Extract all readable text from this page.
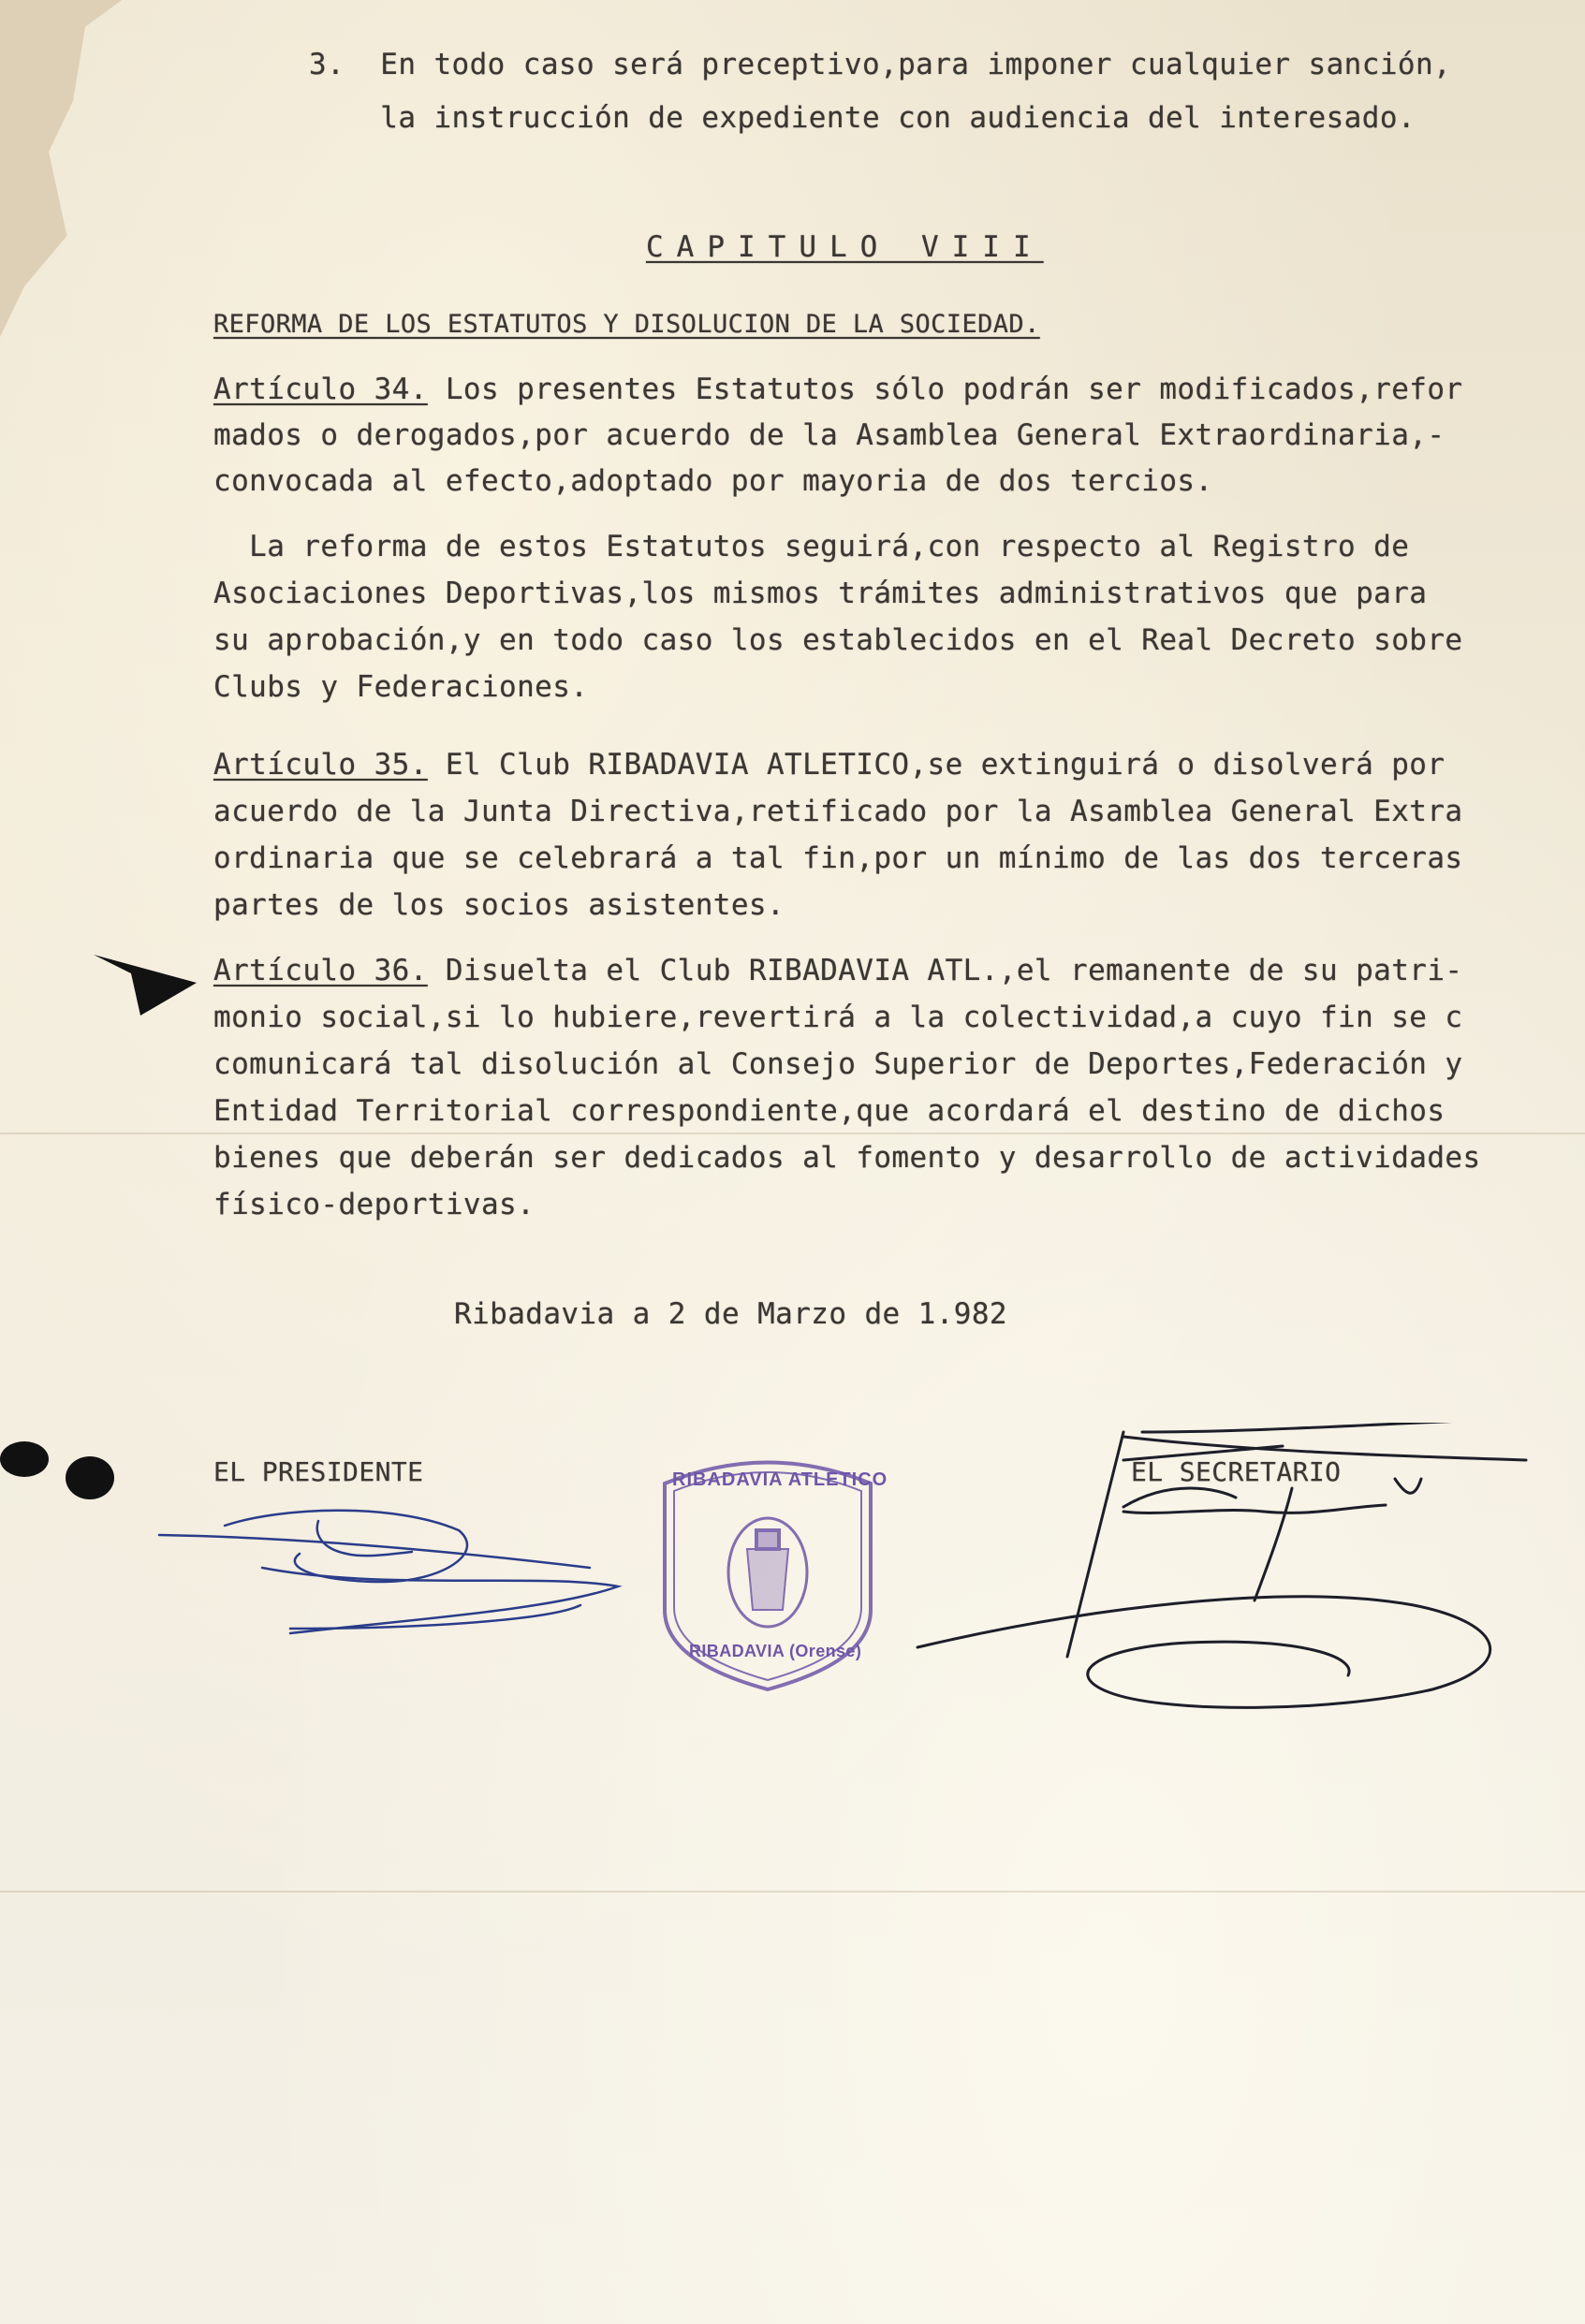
3.  En todo caso será preceptivo,para imponer cualquier sanción,
la instrucción de expediente con audiencia del interesado.
CAPITULO VIII
REFORMA DE LOS ESTATUTOS Y DISOLUCION DE LA SOCIEDAD.
Artículo 34. Los presentes Estatutos sólo podrán ser modificados,refor
mados o derogados,por acuerdo de la Asamblea General Extraordinaria,-
convocada al efecto,adoptado por mayoria de dos tercios.
La reforma de estos Estatutos seguirá,con respecto al Registro de
Asociaciones Deportivas,los mismos trámites administrativos que para
su aprobación,y en todo caso los establecidos en el Real Decreto sobre
Clubs y Federaciones.
Artículo 35. El Club RIBADAVIA ATLETICO,se extinguirá o disolverá por
acuerdo de la Junta Directiva,retificado por la Asamblea General Extra
ordinaria que se celebrará a tal fin,por un mínimo de las dos terceras
partes de los socios asistentes.
Artículo 36. Disuelta el Club RIBADAVIA ATL.,el remanente de su patri-
monio social,si lo hubiere,revertirá a la colectividad,a cuyo fin se c
comunicará tal disolución al Consejo Superior de Deportes,Federación y
Entidad Territorial correspondiente,que acordará el destino de dichos
bienes que deberán ser dedicados al fomento y desarrollo de actividades
físico-deportivas.
Ribadavia a 2 de Marzo de 1.982
EL PRESIDENTE	EL SECRETARIO
RIBADAVIA ATLETICO
RIBADAVIA (Orense)
